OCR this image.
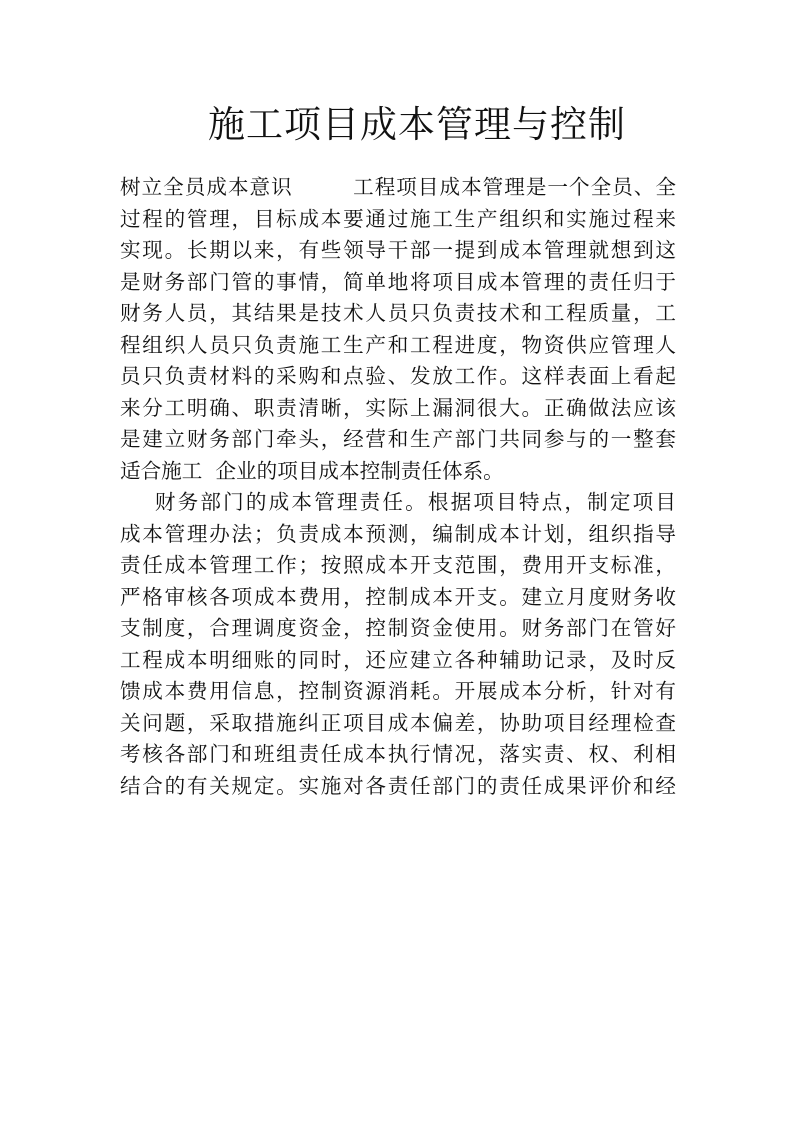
施工项目成本管理与控制
树立全员成本意识        工程项目成本管理是一个全员、全
过程的管理，目标成本要通过施工生产组织和实施过程来
实现。长期以来，有些领导干部一提到成本管理就想到这
是财务部门管的事情，简单地将项目成本管理的责任归于
财务人员，其结果是技术人员只负责技术和工程质量，工
程组织人员只负责施工生产和工程进度，物资供应管理人
员只负责材料的采购和点验、发放工作。这样表面上看起
来分工明确、职责清晰，实际上漏洞很大。正确做法应该
是建立财务部门牵头，经营和生产部门共同参与的一整套
适合施工  企业的项目成本控制责任体系。
财务部门的成本管理责任。根据项目特点，制定项目
成本管理办法；负责成本预测，编制成本计划，组织指导
责任成本管理工作；按照成本开支范围，费用开支标准，
严格审核各项成本费用，控制成本开支。建立月度财务收
支制度，合理调度资金，控制资金使用。财务部门在管好
工程成本明细账的同时，还应建立各种辅助记录，及时反
馈成本费用信息，控制资源消耗。开展成本分析，针对有
关问题，采取措施纠正项目成本偏差，协助项目经理检查
考核各部门和班组责任成本执行情况，落实责、权、利相
结合的有关规定。实施对各责任部门的责任成果评价和经
